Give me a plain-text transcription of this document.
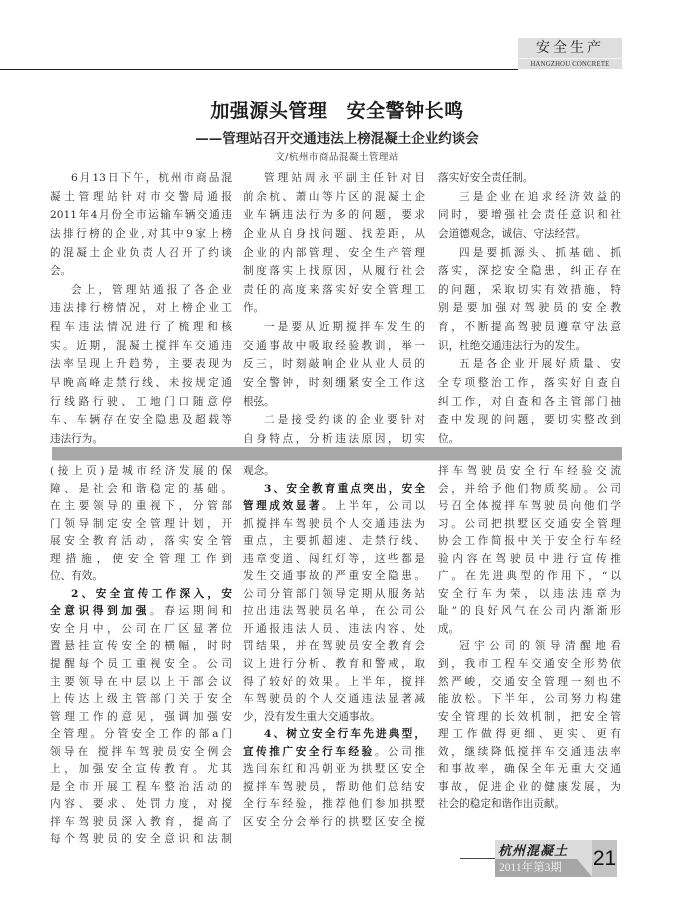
安全生产
HANGZHOU CONCRETE
加强源头管理 安全警钟长鸣
——管理站召开交通违法上榜混凝土企业约谈会
文/杭州市商品混凝土管理站
6月13日下午，杭州市商品混
凝土管理站针对市交警局通报
2011年4月份全市运输车辆交通违
法排行榜的企业,对其中9家上榜
的混凝土企业负责人召开了约谈
会。
会上，管理站通报了各企业
违法排行榜情况，对上榜企业工
程车违法情况进行了梳理和核
实。近期，混凝土搅拌车交通违
法率呈现上升趋势，主要表现为
早晚高峰走禁行线、未按规定通
行线路行驶、工地门口随意停
车、车辆存在安全隐患及超载等
违法行为。
管理站周永平副主任针对目
前余杭、萧山等片区的混凝土企
业车辆违法行为多的问题，要求
企业从自身找问题、找差距，从
企业的内部管理、安全生产管理
制度落实上找原因，从履行社会
责任的高度来落实好安全管理工
作。
一是要从近期搅拌车发生的
交通事故中吸取经验教训，举一
反三，时刻敲响企业从业人员的
安全警钟，时刻绷紧安全工作这
根弦。
二是接受约谈的企业要针对
自身特点，分析违法原因，切实
落实好安全责任制。
三是企业在追求经济效益的
同时，要增强社会责任意识和社
会道德观念，诚信、守法经营。
四是要抓源头、抓基础、抓
落实，深挖安全隐患，纠正存在
的问题，采取切实有效措施，特
别是要加强对驾驶员的安全教
育，不断提高驾驶员遵章守法意
识，杜绝交通违法行为的发生。
五是各企业开展好质量、安
全专项整治工作，落实好自查自
纠工作，对自查和各主管部门抽
查中发现的问题，要切实整改到
位。
(接上页)是城市经济发展的保
障、是社会和谐稳定的基础。
在主要领导的重视下，分管部
门领导制定安全管理计划，开
展安全教育活动，落实安全管
理措施，使安全管理工作到
位、有效。
2、安全宣传工作深入，安
全意识得到加强。春运期间和
安全月中，公司在厂区显著位
置悬挂宣传安全的横幅，时时
提醒每个员工重视安全。公司
主要领导在中层以上干部会议
上传达上级主管部门关于安全
管理工作的意见，强调加强安
全管理。分管安全工作的部a门
领导在 搅拌车驾驶员安全例会
上，加强安全宣传教育。尤其
是全市开展工程车整治活动的
内容、要求、处罚力度，对搅
拌车驾驶员深入教育，提高了
每个驾驶员的安全意识和法制
观念。
3、安全教育重点突出，安全
管理成效显著。上半年，公司以
抓搅拌车驾驶员个人交通违法为
重点，主要抓超速、走禁行线、
违章变道、闯红灯等，这些都是
发生交通事故的严重安全隐患。
公司分管部门领导定期从服务站
拉出违法驾驶员名单，在公司公
开通报违法人员、违法内容、处
罚结果，并在驾驶员安全教育会
议上进行分析、教育和警戒，取
得了较好的效果。上半年，搅拌
车驾驶员的个人交通违法显著减
少，没有发生重大交通事故。
4、树立安全行车先进典型，
宣传推广安全行车经验。公司推
选闫东红和冯朝亚为拱墅区安全
搅拌车驾驶员，帮助他们总结安
全行车经验，推荐他们参加拱墅
区安全分会举行的拱墅区安全搅
拌车驾驶员安全行车经验交流
会，并给予他们物质奖励。公司
号召全体搅拌车驾驶员向他们学
习。公司把拱墅区交通安全管理
协会工作简报中关于安全行车经
验内容在驾驶员中进行宣传推
广。在先进典型的作用下，“以
安全行车为荣，以违法违章为
耻”的良好风气在公司内渐渐形
成。
冠宇公司的领导清醒地看
到，我市工程车交通安全形势依
然严峻，交通安全管理一刻也不
能放松。下半年，公司努力构建
安全管理的长效机制，把安全管
理工作做得更细、更实、更有
效，继续降低搅拌车交通违法率
和事故率，确保全年无重大交通
事故，促进企业的健康发展，为
社会的稳定和谐作出贡献。
杭州混凝土
2011年第3期 21
